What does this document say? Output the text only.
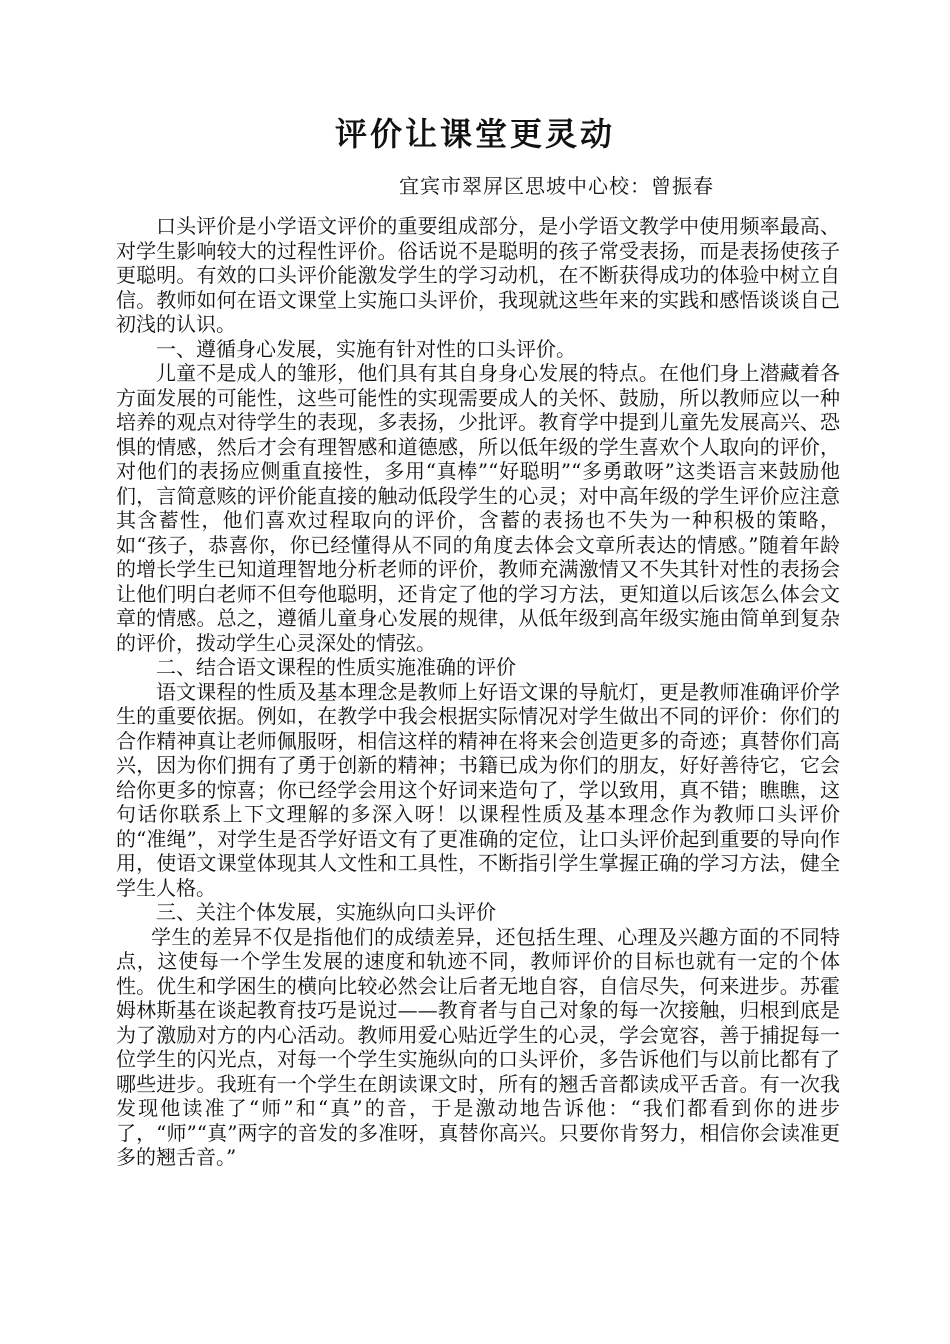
评价让课堂更灵动

宜宾市翠屏区思坡中心校：曾振春

口头评价是小学语文评价的重要组成部分，是小学语文教学中使用频率最高、对学生影响较大的过程性评价。俗话说不是聪明的孩子常受表扬，而是表扬使孩子更聪明。有效的口头评价能激发学生的学习动机，在不断获得成功的体验中树立自信。教师如何在语文课堂上实施口头评价，我现就这些年来的实践和感悟谈谈自己初浅的认识。

一、遵循身心发展，实施有针对性的口头评价。

儿童不是成人的雏形，他们具有其自身身心发展的特点。在他们身上潜藏着各方面发展的可能性，这些可能性的实现需要成人的关怀、鼓励，所以教师应以一种培养的观点对待学生的表现，多表扬，少批评。教育学中提到儿童先发展高兴、恐惧的情感，然后才会有理智感和道德感，所以低年级的学生喜欢个人取向的评价，对他们的表扬应侧重直接性，多用“真棒”“好聪明”“多勇敢呀”这类语言来鼓励他们，言简意赅的评价能直接的触动低段学生的心灵；对中高年级的学生评价应注意其含蓄性，他们喜欢过程取向的评价，含蓄的表扬也不失为一种积极的策略，如“孩子，恭喜你，你已经懂得从不同的角度去体会文章所表达的情感。”随着年龄的增长学生已知道理智地分析老师的评价，教师充满激情又不失其针对性的表扬会让他们明白老师不但夸他聪明，还肯定了他的学习方法，更知道以后该怎么体会文章的情感。总之，遵循儿童身心发展的规律，从低年级到高年级实施由简单到复杂的评价，拨动学生心灵深处的情弦。

二、结合语文课程的性质实施准确的评价

语文课程的性质及基本理念是教师上好语文课的导航灯，更是教师准确评价学生的重要依据。例如，在教学中我会根据实际情况对学生做出不同的评价：你们的合作精神真让老师佩服呀，相信这样的精神在将来会创造更多的奇迹；真替你们高兴，因为你们拥有了勇于创新的精神；书籍已成为你们的朋友，好好善待它，它会给你更多的惊喜；你已经学会用这个好词来造句了，学以致用，真不错；瞧瞧，这句话你联系上下文理解的多深入呀！以课程性质及基本理念作为教师口头评价的“准绳”，对学生是否学好语文有了更准确的定位，让口头评价起到重要的导向作用，使语文课堂体现其人文性和工具性，不断指引学生掌握正确的学习方法，健全学生人格。

三、关注个体发展，实施纵向口头评价

学生的差异不仅是指他们的成绩差异，还包括生理、心理及兴趣方面的不同特点，这使每一个学生发展的速度和轨迹不同，教师评价的目标也就有一定的个体性。优生和学困生的横向比较必然会让后者无地自容，自信尽失，何来进步。苏霍姆林斯基在谈起教育技巧是说过——教育者与自己对象的每一次接触，归根到底是为了激励对方的内心活动。教师用爱心贴近学生的心灵，学会宽容，善于捕捉每一位学生的闪光点，对每一个学生实施纵向的口头评价，多告诉他们与以前比都有了哪些进步。我班有一个学生在朗读课文时，所有的翘舌音都读成平舌音。有一次我发现他读准了“师”和“真”的音，于是激动地告诉他：“我们都看到你的进步了，“师”“真”两字的音发的多准呀，真替你高兴。只要你肯努力，相信你会读准更多的翘舌音。”
